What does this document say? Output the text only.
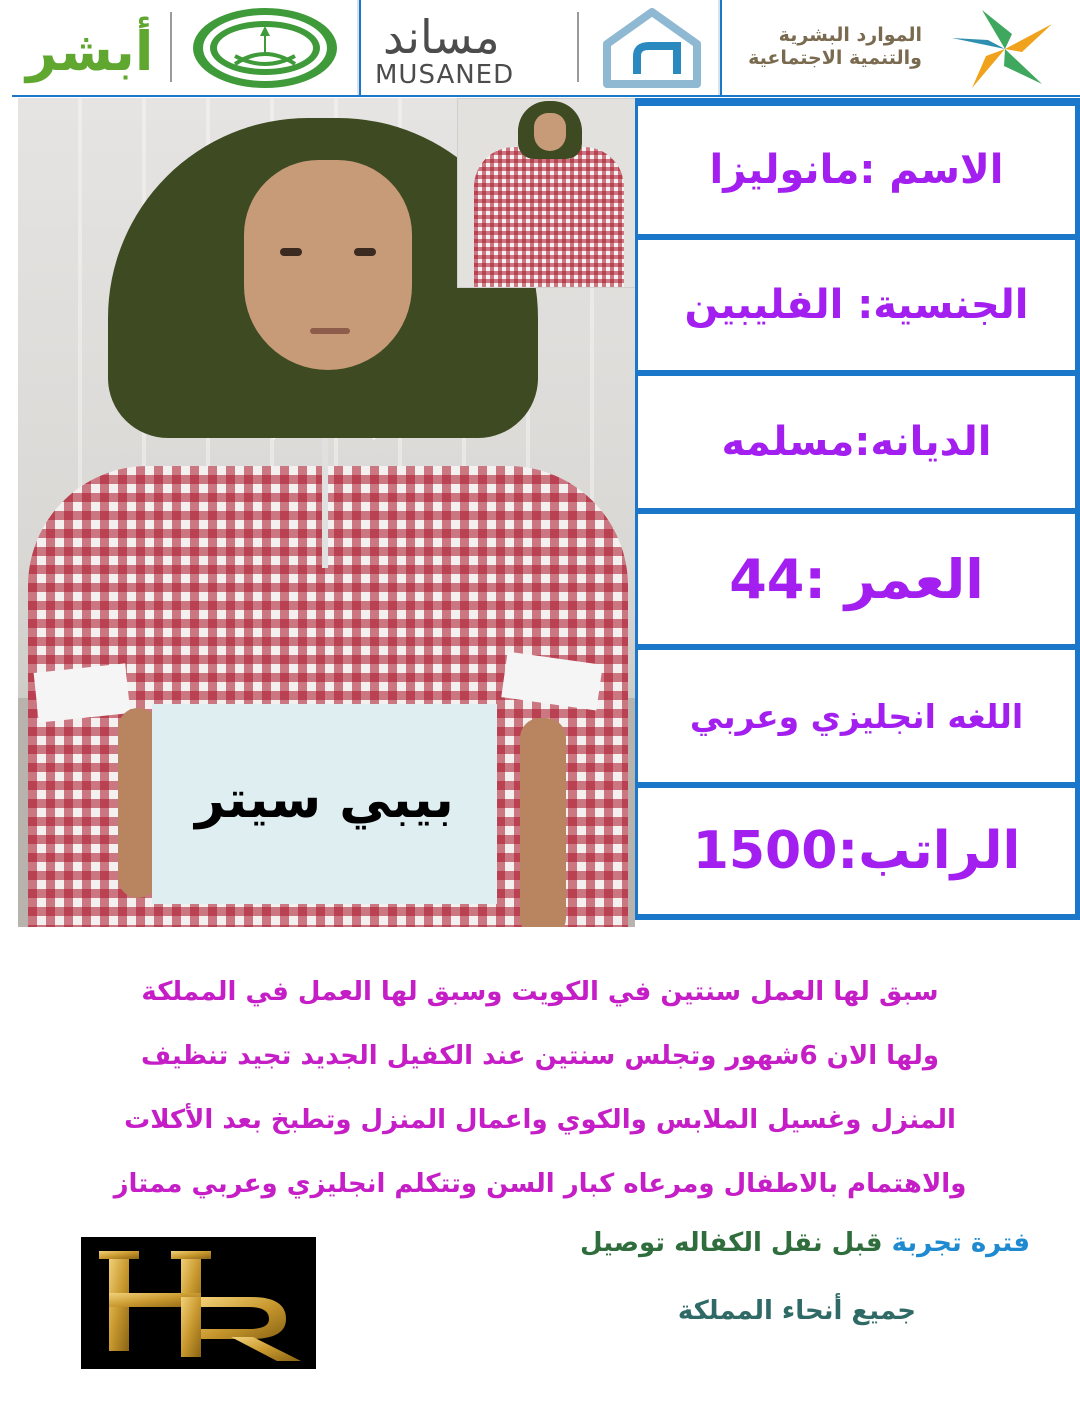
أبشر	مساند
MUSANED
الموارد البشرية
والتنمية الاجتماعية
بيبي سيتر
الاسم :مانوليزا
الجنسية: الفليبين
الديانه:مسلمه
العمر :44
اللغه انجليزي وعربي
الراتب:1500
سبق لها العمل سنتين في الكويت وسبق لها العمل في المملكة
ولها الان 6شهور وتجلس سنتين عند الكفيل الجديد تجيد تنظيف
المنزل وغسيل الملابس والكوي واعمال المنزل وتطبخ بعد الأكلات
والاهتمام بالاطفال ومرعاه كبار السن وتتكلم انجليزي وعربي ممتاز
فترة تجربة قبل نقل الكفاله توصيل
جميع أنحاء المملكة
